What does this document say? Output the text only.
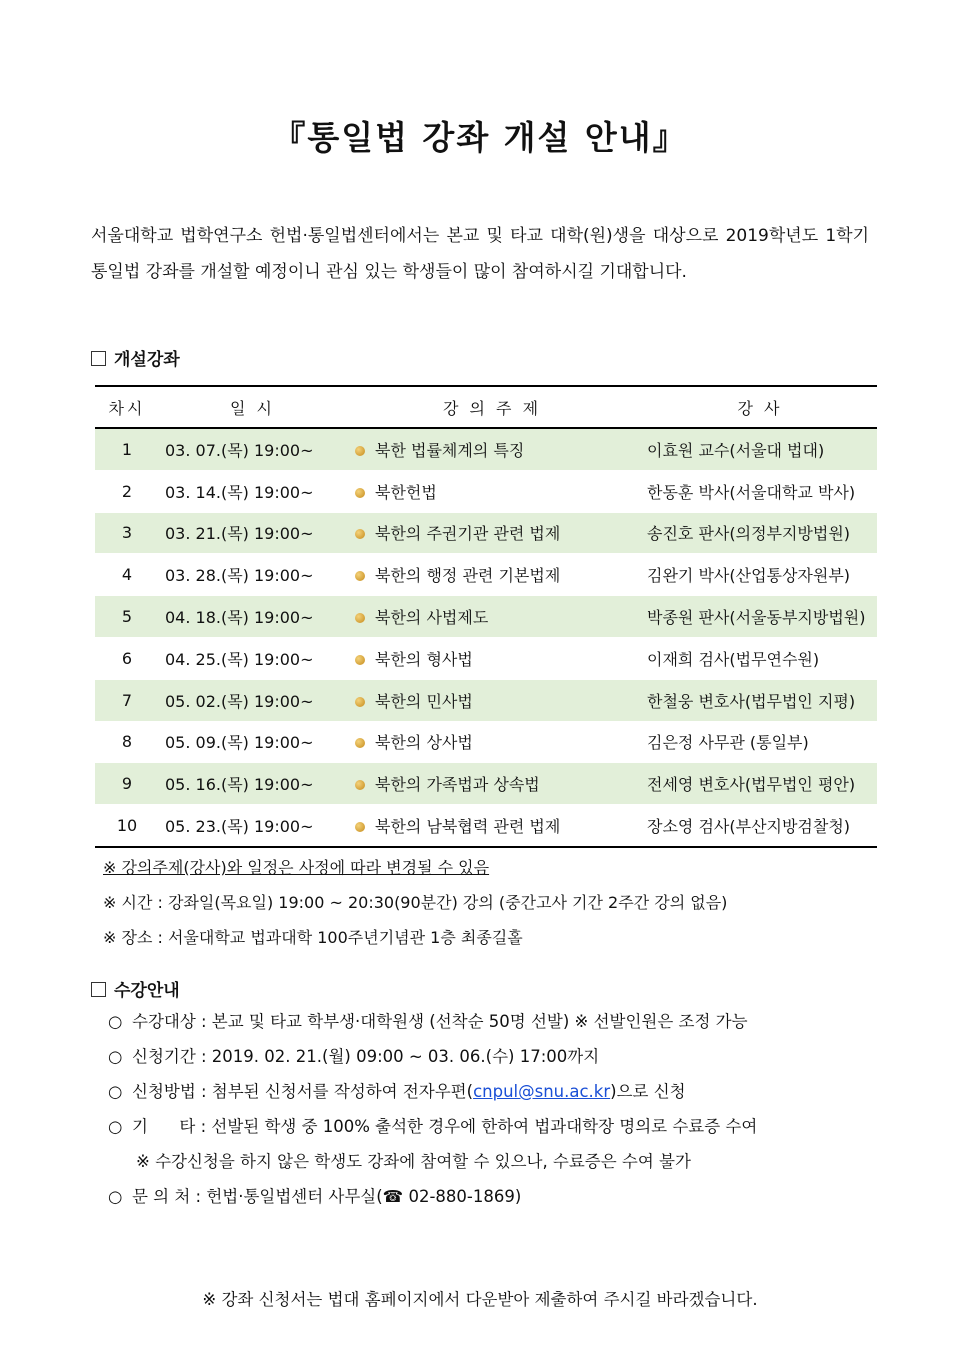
『통일법 강좌 개설 안내』
서울대학교 법학연구소 헌법·통일법센터에서는 본교 및 타교 대학(원)생을 대상으로 2019학년도 1학기 통일법 강좌를 개설할 예정이니 관심 있는 학생들이 많이 참여하시길 기대합니다.
개설강좌
차시	일 시	강 의 주 제	강 사
1	03. 07.(목) 19:00~	북한 법률체계의 특징	이효원 교수(서울대 법대)
2	03. 14.(목) 19:00~	북한헌법	한동훈 박사(서울대학교 박사)
3	03. 21.(목) 19:00~	북한의 주권기관 관련 법제	송진호 판사(의정부지방법원)
4	03. 28.(목) 19:00~	북한의 행정 관련 기본법제	김완기 박사(산업통상자원부)
5	04. 18.(목) 19:00~	북한의 사법제도	박종원 판사(서울동부지방법원)
6	04. 25.(목) 19:00~	북한의 형사법	이재희 검사(법무연수원)
7	05. 02.(목) 19:00~	북한의 민사법	한철웅 변호사(법무법인 지평)
8	05. 09.(목) 19:00~	북한의 상사법	김은정 사무관 (통일부)
9	05. 16.(목) 19:00~	북한의 가족법과 상속법	전세영 변호사(법무법인 평안)
10	05. 23.(목) 19:00~	북한의 남북협력 관련 법제	장소영 검사(부산지방검찰청)
※ 강의주제(강사)와 일정은 사정에 따라 변경될 수 있음
※ 시간 : 강좌일(목요일) 19:00 ~ 20:30(90분간) 강의 (중간고사 기간 2주간 강의 없음)
※ 장소 : 서울대학교 법과대학 100주년기념관 1층 최종길홀
수강안내
○ 수강대상 : 본교 및 타교 학부생·대학원생 (선착순 50명 선발) ※ 선발인원은 조정 가능
○ 신청기간 : 2019. 02. 21.(월) 09:00 ~ 03. 06.(수) 17:00까지
○ 신청방법 : 첨부된 신청서를 작성하여 전자우편(cnpul@snu.ac.kr)으로 신청
○ 기      타 : 선발된 학생 중 100% 출석한 경우에 한하여 법과대학장 명의로 수료증 수여
※ 수강신청을 하지 않은 학생도 강좌에 참여할 수 있으나, 수료증은 수여 불가
○ 문 의 처 : 헌법·통일법센터 사무실(☎ 02-880-1869)
※ 강좌 신청서는 법대 홈페이지에서 다운받아 제출하여 주시길 바라겠습니다.
